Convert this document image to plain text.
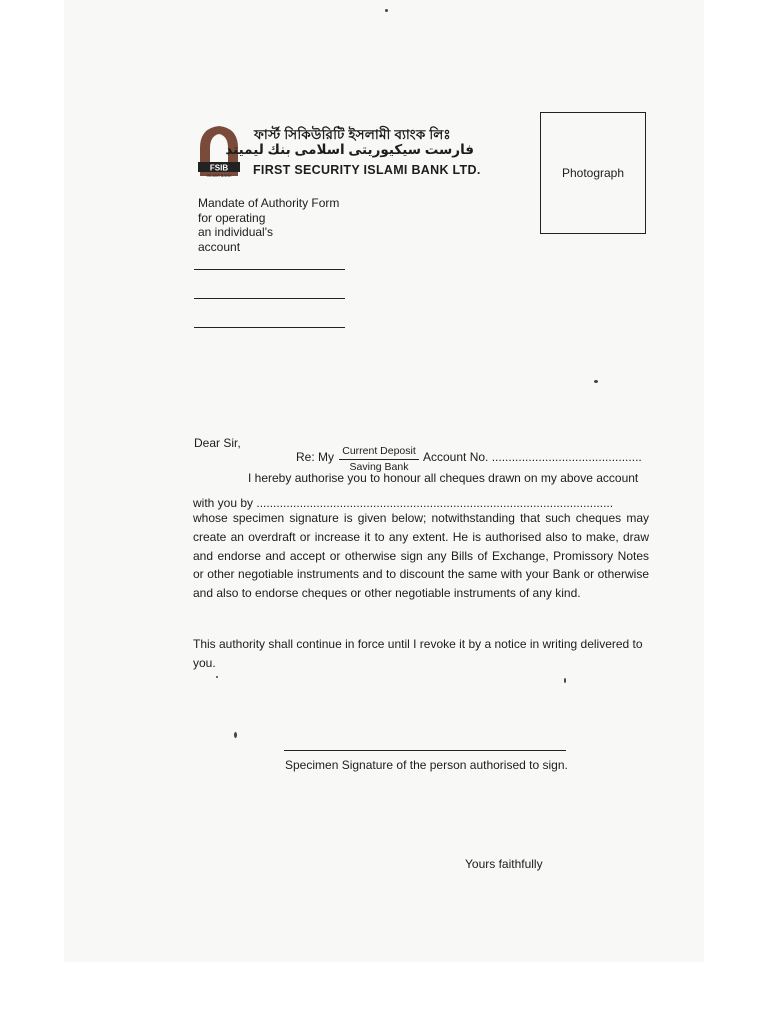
FSIB
ISLAMI BANK
ফার্স্ট সিকিউরিটি ইসলামী ব্যাংক লিঃ
فارست سيكيوريتى اسلامى بنك ليميتد
FIRST SECURITY ISLAMI BANK LTD.	Photograph
Mandate of Authority Form
for operating
an individual's
account
Dear Sir,
Re: My Current Deposit
Saving Bank
Account No. .............................................
I hereby authorise you to honour all cheques drawn on my above account
with you by ...........................................................................................................
whose specimen signature is given below; notwithstanding that such cheques may create an overdraft or increase it to any extent. He is authorised also to make, draw and endorse and accept or otherwise sign any Bills of Exchange, Promissory Notes or other negotiable instruments and to discount the same with your Bank or otherwise and also to endorse cheques or other negotiable instruments of any kind.
This authority shall continue in force until I revoke it by a notice in writing delivered to you.
Specimen Signature of the person authorised to sign.
Yours faithfully
